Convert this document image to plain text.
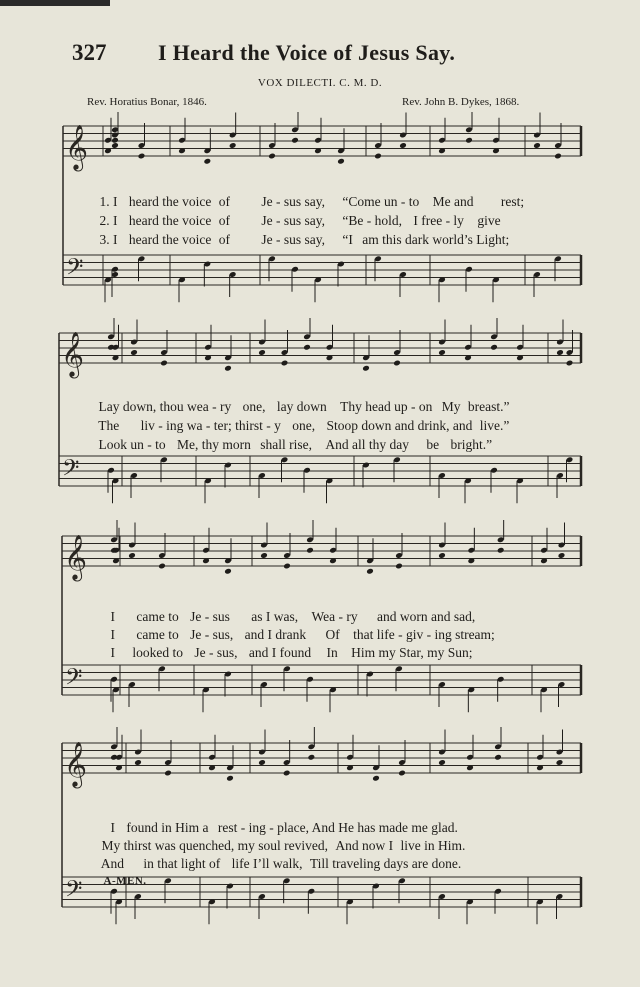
327 I Heard the Voice of Jesus Say.
VOX DILECTI. C. M. D.
Rev. Horatius Bonar, 1846.	Rev. John B. Dykes, 1868.
𝄞
𝄢

1. I heard the voice of Je - sus say, “Come un - to Me and rest;

2. I heard the voice of Je - sus say, “Be - hold, I free - ly give

3. I heard the voice of Je - sus say, “I am this dark world’s Light;

𝄞
𝄢

Lay down, thou wea - ry one, lay down Thy head up - on My breast.”

The liv - ing wa - ter; thirst - y one, Stoop down and drink, and live.”

Look un - to Me, thy morn shall rise, And all thy day be bright.”

𝄞
𝄢

I came to Je - sus as I was, Wea - ry and worn and sad,

I came to Je - sus, and I drank Of that life - giv - ing stream;

I looked to Je - sus, and I found In Him my Star, my Sun;

𝄞
𝄢

I found in Him a rest - ing - place, And He has made me glad.

My thirst was quenched, my soul revived, And now I live in Him.

And in that light of life I’ll walk, Till traveling days are done.
A-MEN.
